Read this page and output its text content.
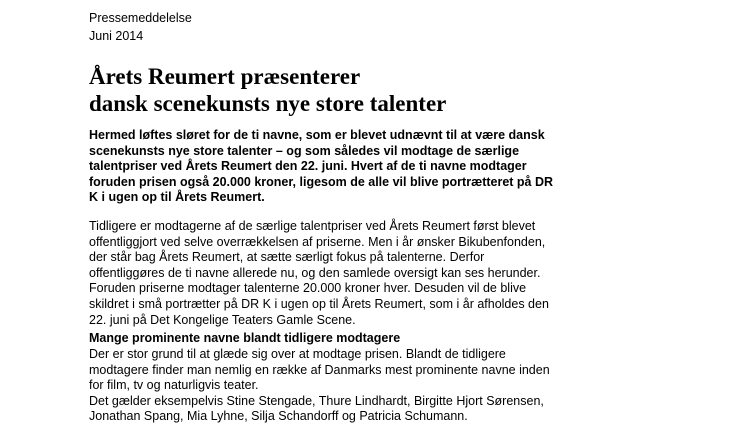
Pressemeddelelse
Juni 2014
Årets Reumert præsenterer
dansk scenekunsts nye store talenter

Hermed løftes sløret for de ti navne, som er blevet udnævnt til at være dansk
scenekunsts nye store talenter – og som således vil modtage de særlige
talentpriser ved Årets Reumert den 22. juni. Hvert af de ti navne modtager
foruden prisen også 20.000 kroner, ligesom de alle vil blive portrætteret på DR
K i ugen op til Årets Reumert.

Tidligere er modtagerne af de særlige talentpriser ved Årets Reumert først blevet
offentliggjort ved selve overrækkelsen af priserne. Men i år ønsker Bikubenfonden,
der står bag Årets Reumert, at sætte særligt fokus på talenterne. Derfor
offentliggøres de ti navne allerede nu, og den samlede oversigt kan ses herunder.
Foruden priserne modtager talenterne 20.000 kroner hver. Desuden vil de blive
skildret i små portrætter på DR K i ugen op til Årets Reumert, som i år afholdes den
22. juni på Det Kongelige Teaters Gamle Scene.

Mange prominente navne blandt tidligere modtagere

Der er stor grund til at glæde sig over at modtage prisen. Blandt de tidligere
modtagere finder man nemlig en række af Danmarks mest prominente navne inden
for film, tv og naturligvis teater.
Det gælder eksempelvis Stine Stengade, Thure Lindhardt, Birgitte Hjort Sørensen,
Jonathan Spang, Mia Lyhne, Silja Schandorff og Patricia Schumann.
